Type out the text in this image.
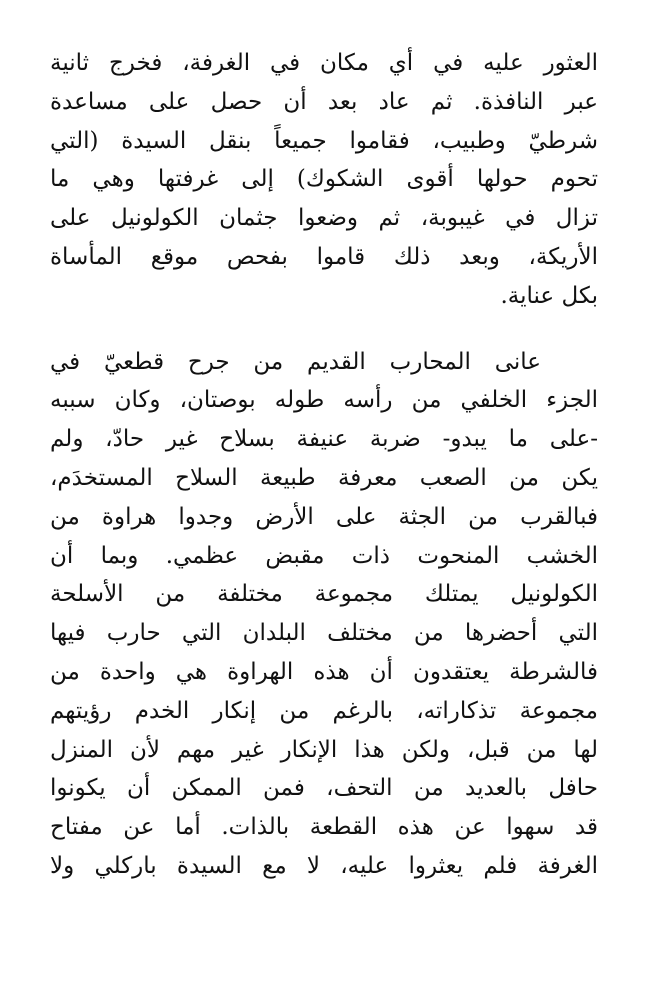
العثور عليه في أي مكان في الغرفة، فخرج ثانية
عبر النافذة. ثم عاد بعد أن حصل على مساعدة
شرطيّ وطبيب، فقاموا جميعاً بنقل السيدة (التي
تحوم حولها أقوى الشكوك) إلى غرفتها وهي ما
تزال في غيبوبة، ثم وضعوا جثمان الكولونيل على
الأريكة، وبعد ذلك قاموا بفحص موقع المأساة
بكل عناية.
عانى المحارب القديم من جرح قطعيّ في
الجزء الخلفي من رأسه طوله بوصتان، وكان سببه
-على ما يبدو- ضربة عنيفة بسلاح غير حادّ، ولم
يكن من الصعب معرفة طبيعة السلاح المستخدَم،
فبالقرب من الجثة على الأرض وجدوا هراوة من
الخشب المنحوت ذات مقبض عظمي. وبما أن
الكولونيل يمتلك مجموعة مختلفة من الأسلحة
التي أحضرها من مختلف البلدان التي حارب فيها
فالشرطة يعتقدون أن هذه الهراوة هي واحدة من
مجموعة تذكاراته، بالرغم من إنكار الخدم رؤيتهم
لها من قبل، ولكن هذا الإنكار غير مهم لأن المنزل
حافل بالعديد من التحف، فمن الممكن أن يكونوا
قد سهوا عن هذه القطعة بالذات. أما عن مفتاح
الغرفة فلم يعثروا عليه، لا مع السيدة باركلي ولا
